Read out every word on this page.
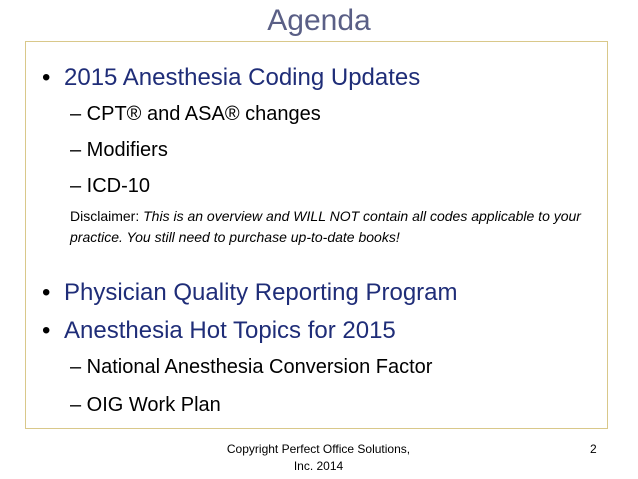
Agenda
• 2015 Anesthesia Coding Updates
– CPT® and ASA® changes
– Modifiers
– ICD-10
Disclaimer: This is an overview and WILL NOT contain all codes applicable to your practice. You still need to purchase up-to-date books!
• Physician Quality Reporting Program
• Anesthesia Hot Topics for 2015
– National Anesthesia Conversion Factor
– OIG Work Plan
Copyright Perfect Office Solutions,
Inc. 2014
2
